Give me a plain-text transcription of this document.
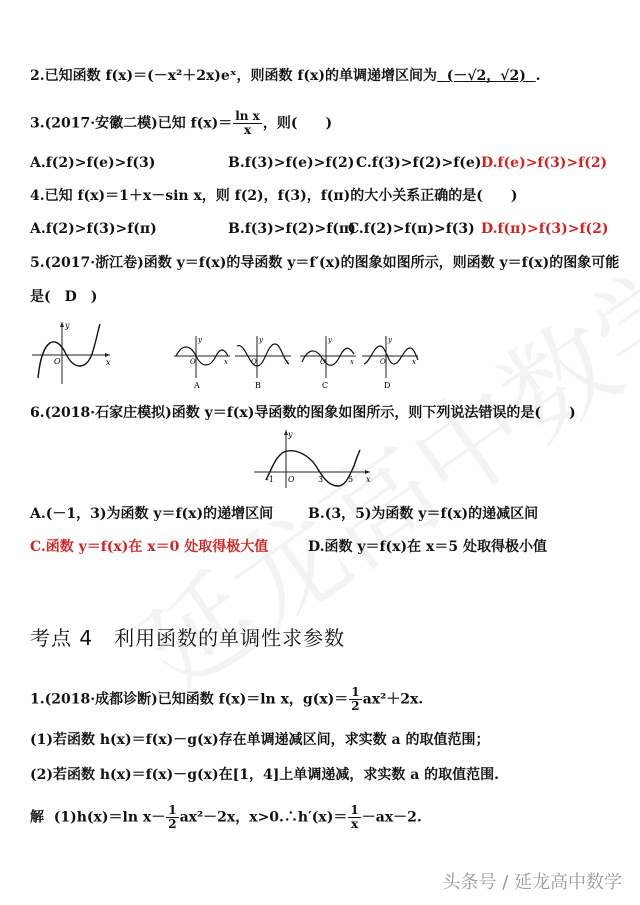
2.已知函数 f(x)＝(－x²＋2x)eˣ，则函数 f(x)的单调递增区间为 (－√2，√2) .
3.(2017·安徽二模)已知 $f(x)= \frac{\text{ln x}}{x}$ ，则(　　)
A.f(2)>f(e)>f(3)	B.f(3)>f(e)>f(2) C.f(3)>f(2)>f(e) D.f(e)>f(3)>f(2)
4.已知 f(x)＝1＋x－sin x，则 f(2)，f(3)，f(π)的大小关系正确的是(　　)
A.f(2)>f(3)>f(π)	B.f(3)>f(2)>f(π)
C.f(2)>f(π)>f(3) D.f(π)>f(3)>f(2)
5.(2017·浙江卷)函数 y＝f(x)的导函数 y＝f′(x)的图象如图所示，则函数 y＝f(x)的图象可能
是(　D　)
y
x
O
y
x
O
A
y
x
O
B
y
x
O
C
y
x
O
D
6.(2018·石家庄模拟)函数 y＝f(x)导函数的图象如图所示，则下列说法错误的是(　　)
y
x
O
-1	3	5
A.(－1，3)为函数 y＝f(x)的递增区间 B.(3，5)为函数 y＝f(x)的递减区间
C.函数 y＝f(x)在 x＝0 处取得极大值	D.函数 y＝f(x)在 x＝5 处取得极小值
考点 4　利用函数的单调性求参数
1.(2018·成都诊断)已知函数 f(x)＝ln x，$g(x)= \frac{1}{2} ax^2+2x$.
(1)若函数 h(x)＝f(x)－g(x)存在单调递减区间，求实数 a 的取值范围；
(2)若函数 h(x)＝f(x)－g(x)在[1，4]上单调递减，求实数 a 的取值范围.
解 (1)h(x)＝ln $x- \frac{1}{2} ax^2-2x$，x>0.∴h′(x)＝ $\frac{1}{x} -ax-2$.
头条号 / 延龙高中数学
